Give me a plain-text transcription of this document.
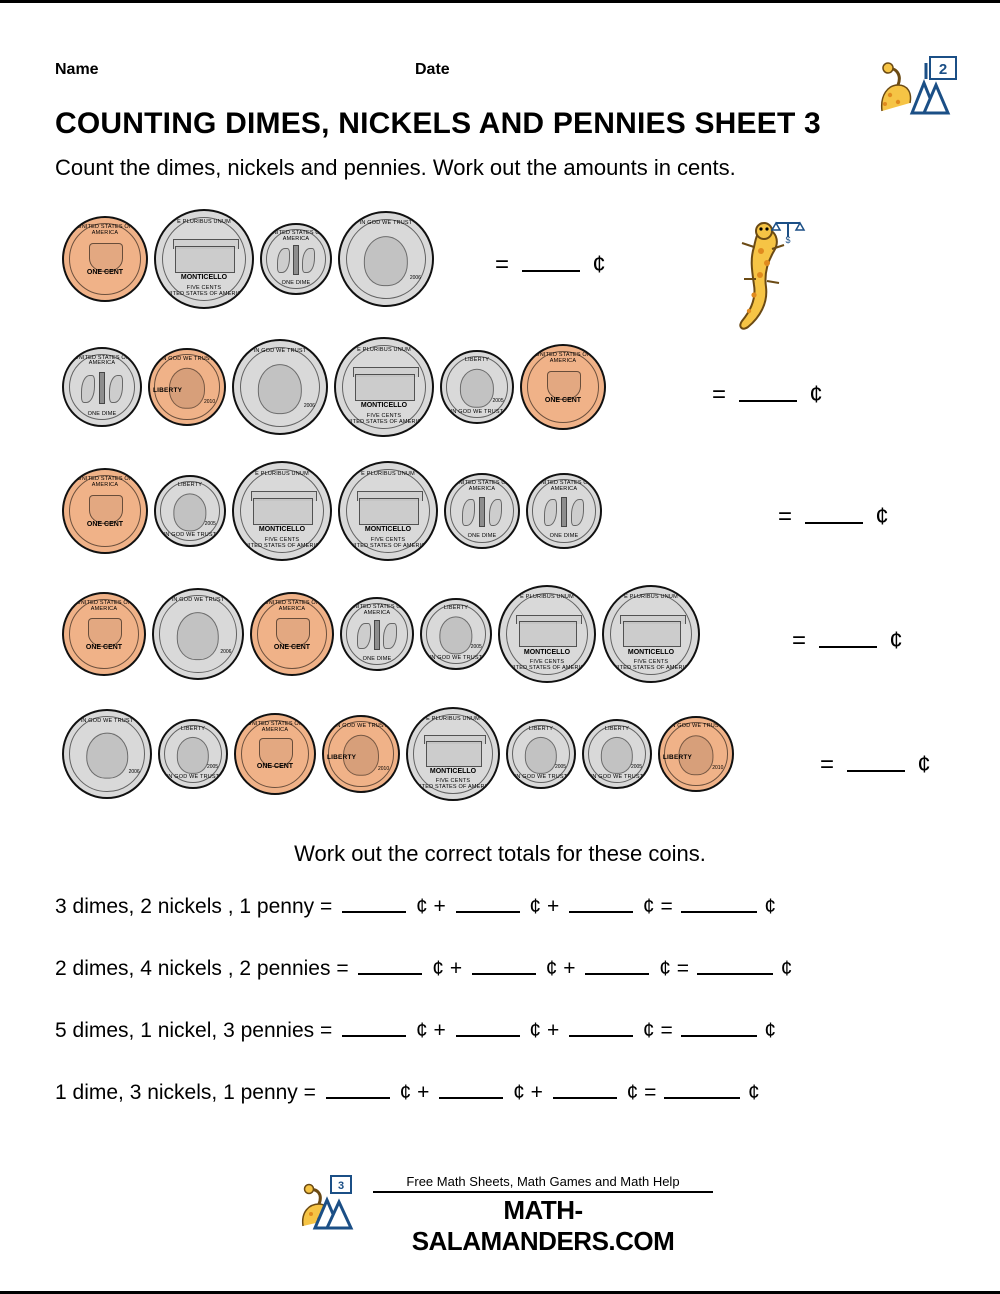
Name	Date	2
COUNTING DIMES, NICKELS AND PENNIES SHEET 3
Count the dimes, nickels and pennies. Work out the amounts in cents.
$
UNITED STATES OF AMERICA
ONE CENT
E PLURIBUS UNUM
MONTICELLO
FIVE CENTS
UNITED STATES OF AMERICA
UNITED STATES OF AMERICA
ONE DIME
IN GOD WE TRUST
2006
=	¢
UNITED STATES OF AMERICA
ONE DIME
IN GOD WE TRUST
LIBERTY
2010
IN GOD WE TRUST
2006
E PLURIBUS UNUM
MONTICELLO
FIVE CENTS
UNITED STATES OF AMERICA
LIBERTY
IN GOD WE TRUST
2005
UNITED STATES OF AMERICA
ONE CENT	=	¢
UNITED STATES OF AMERICA
ONE CENT
LIBERTY
IN GOD WE TRUST
2005
E PLURIBUS UNUM
MONTICELLO
FIVE CENTS
UNITED STATES OF AMERICA
E PLURIBUS UNUM
MONTICELLO
FIVE CENTS
UNITED STATES OF AMERICA
UNITED STATES OF AMERICA
ONE DIME
UNITED STATES OF AMERICA
ONE DIME
=	¢
UNITED STATES OF AMERICA
ONE CENT
IN GOD WE TRUST
2006
UNITED STATES OF AMERICA
ONE CENT
UNITED STATES OF AMERICA
ONE DIME
LIBERTY
IN GOD WE TRUST
2005
E PLURIBUS UNUM
MONTICELLO
FIVE CENTS
UNITED STATES OF AMERICA
E PLURIBUS UNUM
MONTICELLO
FIVE CENTS
UNITED STATES OF AMERICA
=	¢
IN GOD WE TRUST
2006
LIBERTY
IN GOD WE TRUST
2005
UNITED STATES OF AMERICA
ONE CENT
IN GOD WE TRUST
LIBERTY
2010
E PLURIBUS UNUM
MONTICELLO
FIVE CENTS
UNITED STATES OF AMERICA
LIBERTY
IN GOD WE TRUST
2005
LIBERTY
IN GOD WE TRUST
2005
IN GOD WE TRUST
LIBERTY
2010	=	¢
Work out the correct totals for these coins.
3 dimes, 2 nickels , 1 penny =	¢ +	¢ +	¢ =	¢
2 dimes, 4 nickels , 2 pennies =	¢ +	¢ +	¢ =	¢
5 dimes, 1 nickel, 3 pennies =	¢ +	¢ +	¢ =	¢
1 dime, 3 nickels, 1 penny =	¢ +	¢ +	¢ =	¢
3	Free Math Sheets, Math Games and Math Help
MATH-SALAMANDERS.COM
